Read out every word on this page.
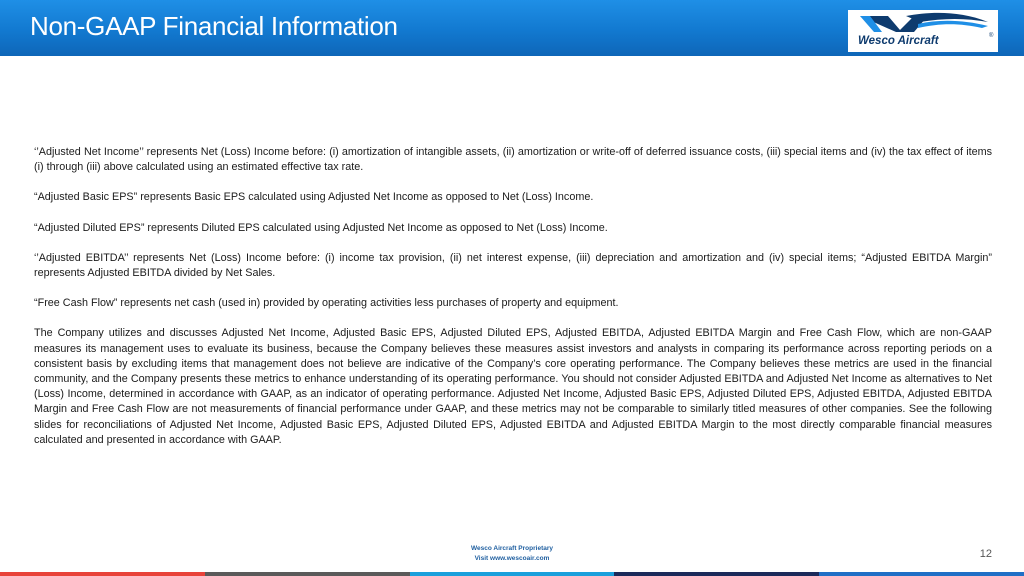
Non-GAAP Financial Information	Wesco Aircraft	®

‘’Adjusted Net Income’’ represents Net (Loss) Income before: (i) amortization of intangible assets, (ii) amortization or write-off of deferred issuance costs, (iii) special items and (iv) the tax effect of items (i) through (iii) above calculated using an estimated effective tax rate.

“Adjusted Basic EPS” represents Basic EPS calculated using Adjusted Net Income as opposed to Net (Loss) Income.

“Adjusted Diluted EPS” represents Diluted EPS calculated using Adjusted Net Income as opposed to Net (Loss) Income.

‘’Adjusted EBITDA’’ represents Net (Loss) Income before: (i) income tax provision, (ii) net interest expense, (iii) depreciation and amortization and (iv) special items; “Adjusted EBITDA Margin” represents Adjusted EBITDA divided by Net Sales.

“Free Cash Flow” represents net cash (used in) provided by operating activities less purchases of property and equipment.

The Company utilizes and discusses Adjusted Net Income, Adjusted Basic EPS, Adjusted Diluted EPS, Adjusted EBITDA, Adjusted EBITDA Margin and Free Cash Flow, which are non-GAAP measures its management uses to evaluate its business, because the Company believes these measures assist investors and analysts in comparing its performance across reporting periods on a consistent basis by excluding items that management does not believe are indicative of the Company’s core operating performance. The Company believes these metrics are used in the financial community, and the Company presents these metrics to enhance understanding of its operating performance. You should not consider Adjusted EBITDA and Adjusted Net Income as alternatives to Net (Loss) Income, determined in accordance with GAAP, as an indicator of operating performance. Adjusted Net Income, Adjusted Basic EPS, Adjusted Diluted EPS, Adjusted EBITDA, Adjusted EBITDA Margin and Free Cash Flow are not measurements of financial performance under GAAP, and these metrics may not be comparable to similarly titled measures of other companies. See the following slides for reconciliations of Adjusted Net Income, Adjusted Basic EPS, Adjusted Diluted EPS, Adjusted EBITDA and Adjusted EBITDA Margin to the most directly comparable financial measures calculated and presented in accordance with GAAP.

Wesco Aircraft Proprietary
Visit www.wescoair.com	12
